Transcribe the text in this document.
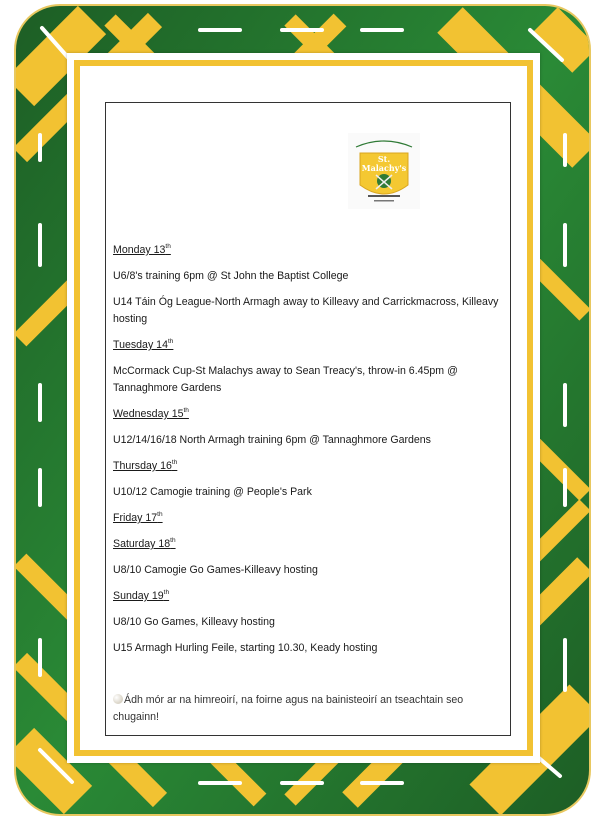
St.
Malachy's

Monday 13th

U6/8's training 6pm @ St John the Baptist College

U14 Táin Óg League-North Armagh away to Killeavy and Carrickmacross, Killeavy
hosting

Tuesday 14th

McCormack Cup-St Malachys away to Sean Treacy's, throw-in 6.45pm @
Tannaghmore Gardens

Wednesday 15th

U12/14/16/18 North Armagh training 6pm @ Tannaghmore Gardens

Thursday 16th

U10/12 Camogie training @ People's Park

Friday 17th

Saturday 18th

U8/10 Camogie Go Games-Killeavy hosting

Sunday 19th

U8/10 Go Games, Killeavy hosting

U15 Armagh Hurling Feile, starting 10.30, Keady hosting

Ádh mór ar na himreoirí, na foirne agus na bainisteoirí an tseachtain seo
chugainn!
